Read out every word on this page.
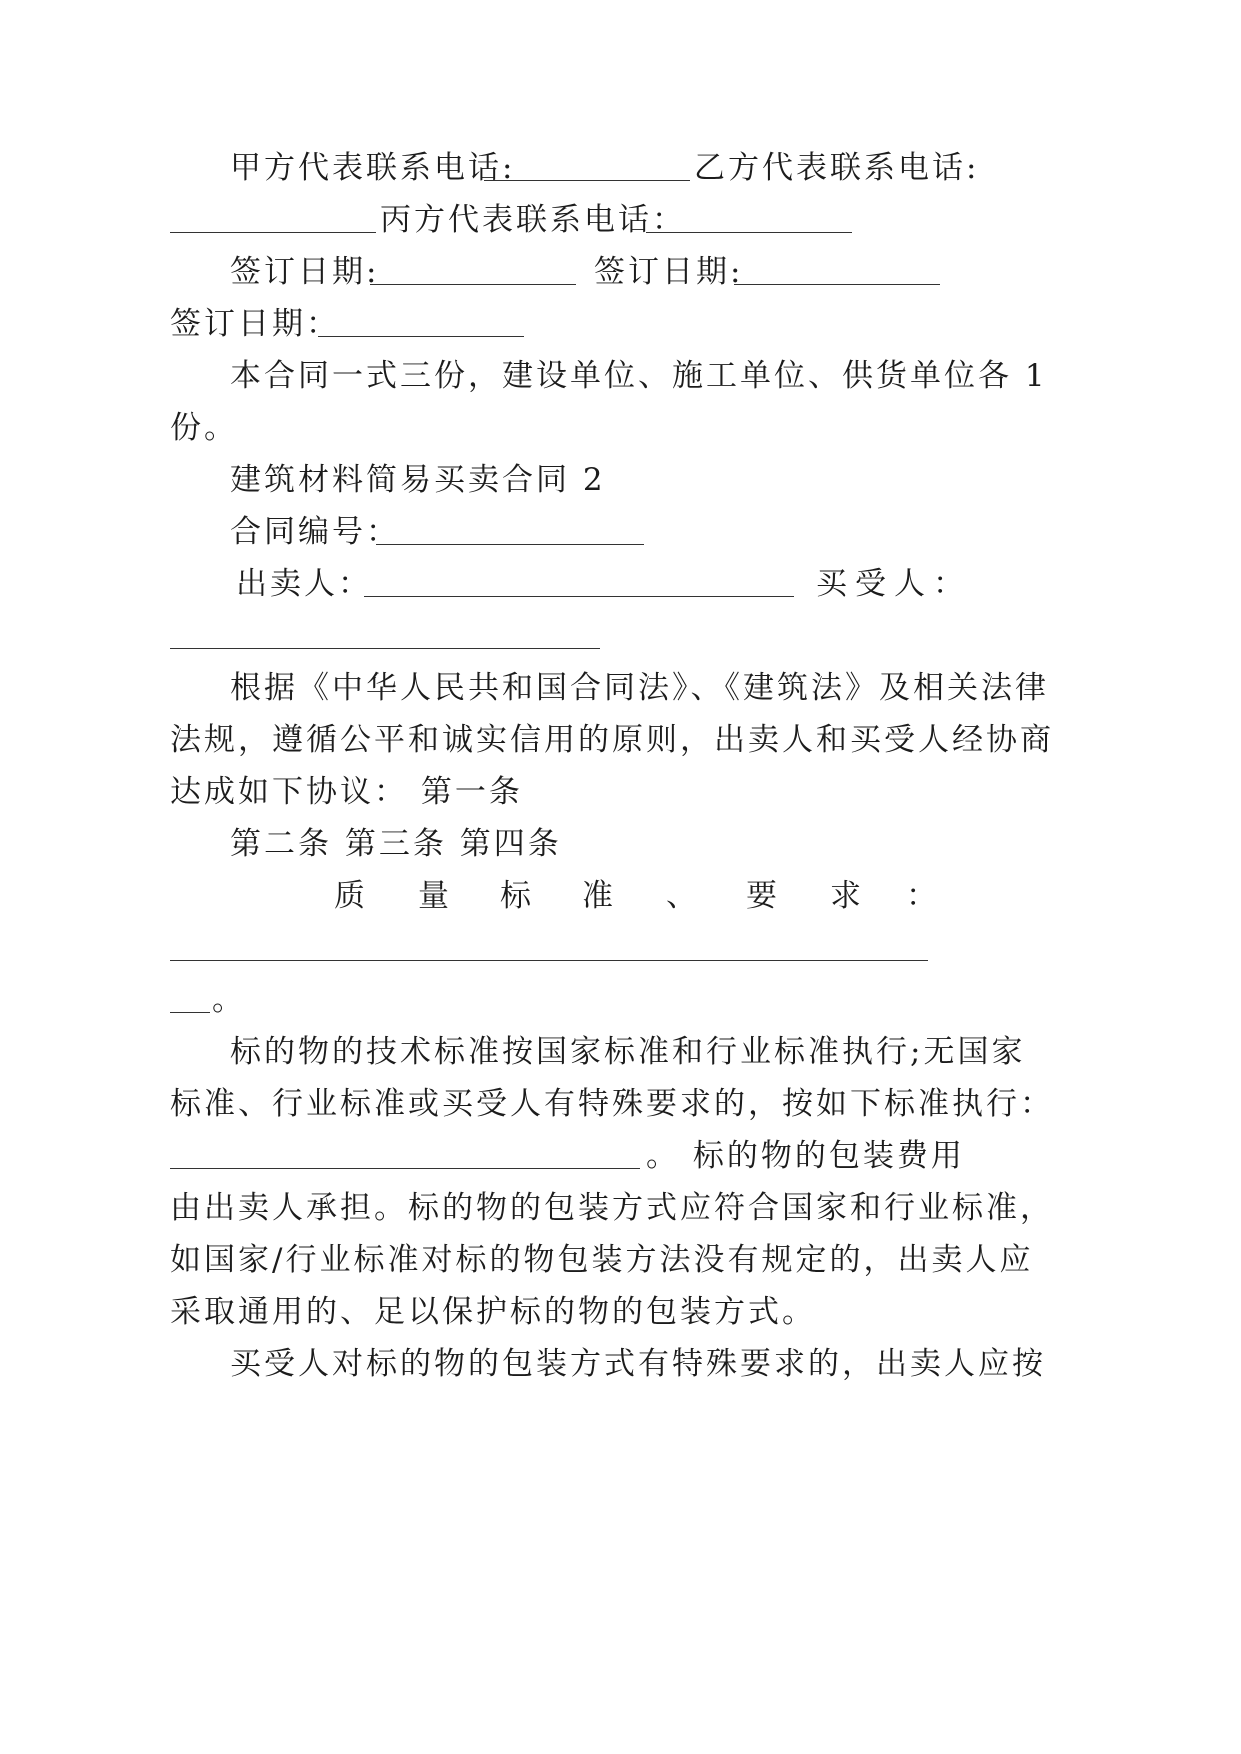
甲方代表联系电话:	乙方代表联系电话:
丙方代表联系电话：
签订日期:	签订日期:
签订日期：
本合同一式三份，建设单位、施工单位、供货单位各 1
份。
建筑材料简易买卖合同 2
合同编号：
出卖人：	买受人：
根据《中华人民共和国合同法》、《建筑法》及相关法律
法规，遵循公平和诚实信用的原则，出卖人和买受人经协商
达成如下协议： 第一条
第二条 第三条 第四条
质 量 标 准 、 要 求 ：
。
标的物的技术标准按国家标准和行业标准执行;无国家
标准、行业标准或买受人有特殊要求的，按如下标准执行：
。 标的物的包装费用
由出卖人承担。标的物的包装方式应符合国家和行业标准，
如国家/行业标准对标的物包装方法没有规定的，出卖人应
采取通用的、足以保护标的物的包装方式。
买受人对标的物的包装方式有特殊要求的，出卖人应按
